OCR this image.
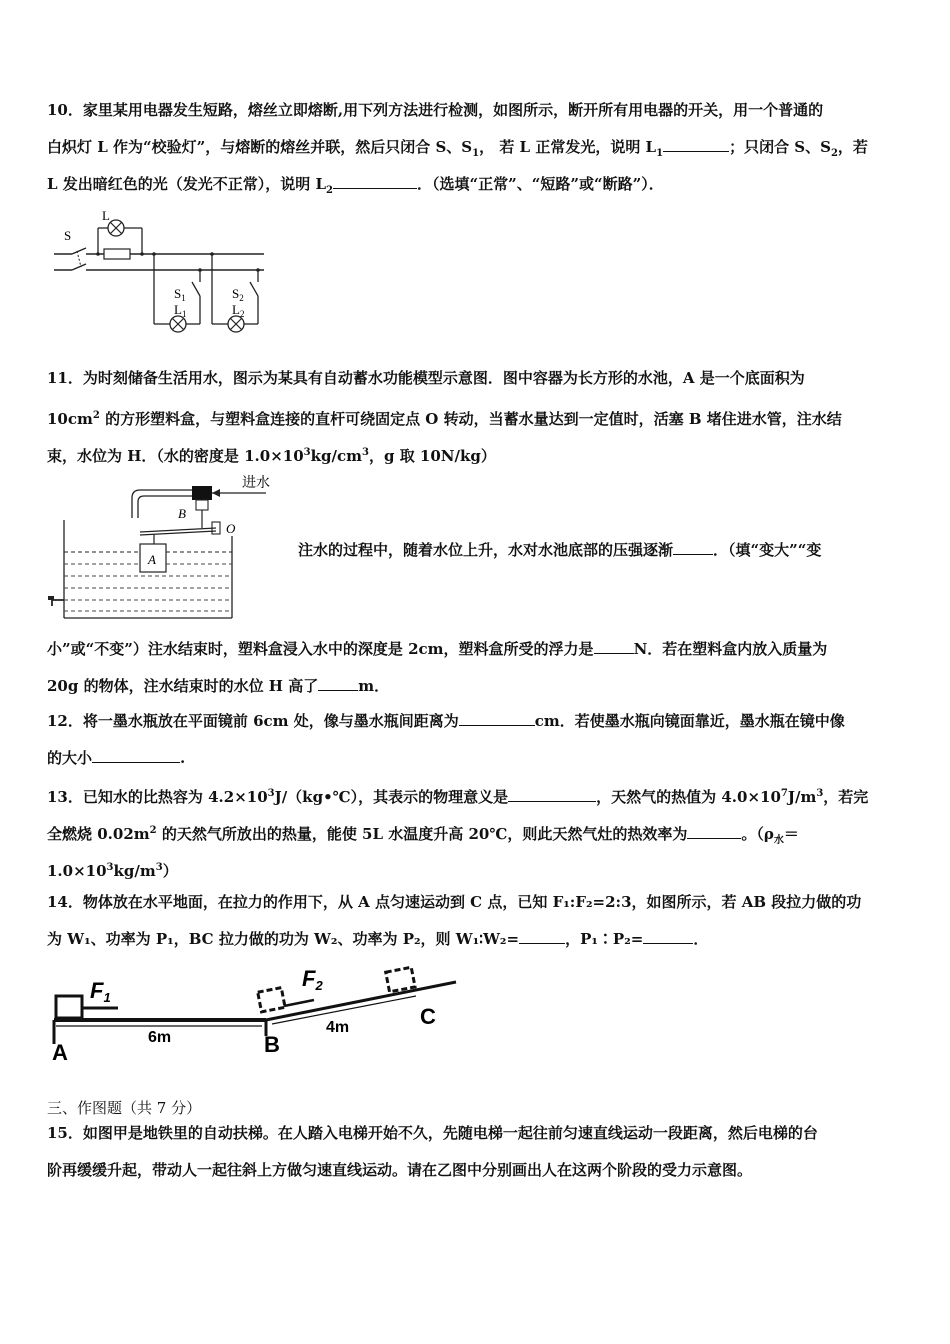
10．家里某用电器发生短路，熔丝立即熔断,用下列方法进行检测，如图所示，断开所有用电器的开关，用一个普通的
白炽灯 L 作为“校验灯”，与熔断的熔丝并联，然后只闭合 S、$S_1$， 若 L 正常发光，说明 $L_1$	；只闭合 S、$S_2$，若
L 发出暗红色的光（发光不正常），说明 $L_2$	．（选填“正常”、“短路”或“断路”）．
S
L
$S_1$
$L_1$
$S_2$
$L_2$
11．为时刻储备生活用水，图示为某具有自动蓄水功能模型示意图．图中容器为长方形的水池，A 是一个底面积为
$10cm^2$ 的方形塑料盒，与塑料盒连接的直杆可绕固定点 O 转动，当蓄水量达到一定值时，活塞 B 堵住进水管，注水结
束，水位为 H．（水的密度是 $1.0\times 10^3kg/cm^3$，g 取 10N/kg）
进水
B
O
A
注水的过程中，随着水位上升，水对水池底部的压强逐渐	．（填“变大”“变
小”或“不变”）注水结束时，塑料盒浸入水中的深度是 2cm，塑料盒所受的浮力是	N．若在塑料盒内放入质量为
20g 的物体，注水结束时的水位 H 高了	m．
12．将一墨水瓶放在平面镜前 6cm 处，像与墨水瓶间距离为	cm．若使墨水瓶向镜面靠近，墨水瓶在镜中像
的大小	.
13．已知水的比热容为 $4.2\times 10^3J/(kg•℃)$，其表示的物理意义是	，天然气的热值为 $4.0\times 10^7J/m^3$，若完
全燃烧 $0.02m^2$ 的天然气所放出的热量，能使 5L 水温度升高 20℃，则此天然气灶的热效率为	。（$\rho_水=$
$1.0\times 10^3kg/m^3$）
14．物体放在水平地面，在拉力的作用下，从 A 点匀速运动到 C 点，已知 F₁:F₂=2:3，如图所示，若 AB 段拉力做的功
为 W₁、功率为 P₁，BC 拉力做的功为 W₂、功率为 P₂，则 W₁∶W₂=	，P₁∶P₂=	．
F1
6m
F2
4m
A	B
C
三、作图题（共 7 分）
15．如图甲是地铁里的自动扶梯。在人踏入电梯开始不久，先随电梯一起往前匀速直线运动一段距离，然后电梯的台
阶再缓缓升起，带动人一起往斜上方做匀速直线运动。请在乙图中分别画出人在这两个阶段的受力示意图。
